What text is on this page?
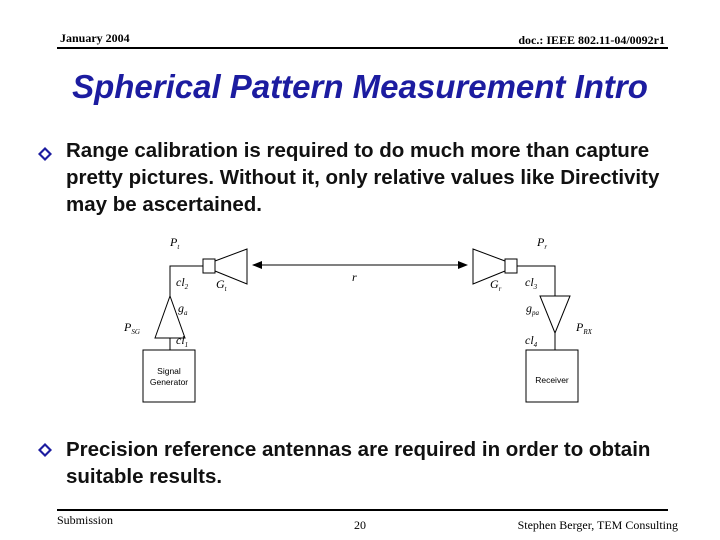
January 2004	doc.: IEEE 802.11-04/0092r1
Spherical Pattern Measurement Intro
Range calibration is required to do much more than capture pretty pictures. Without it, only relative values like Directivity may be ascertained.
$P_t$	$P_r$
r
$cl_2$ $G_t$	$G_r$ $cl_3$
$g_a$	$g_{pa}$
$P_{SG}$	$P_{RX}$
$cl_1$	$cl_4$
Signal
Generator	Receiver
Precision reference antennas are required in order to obtain suitable results.
Submission	20	Stephen Berger, TEM Consulting
